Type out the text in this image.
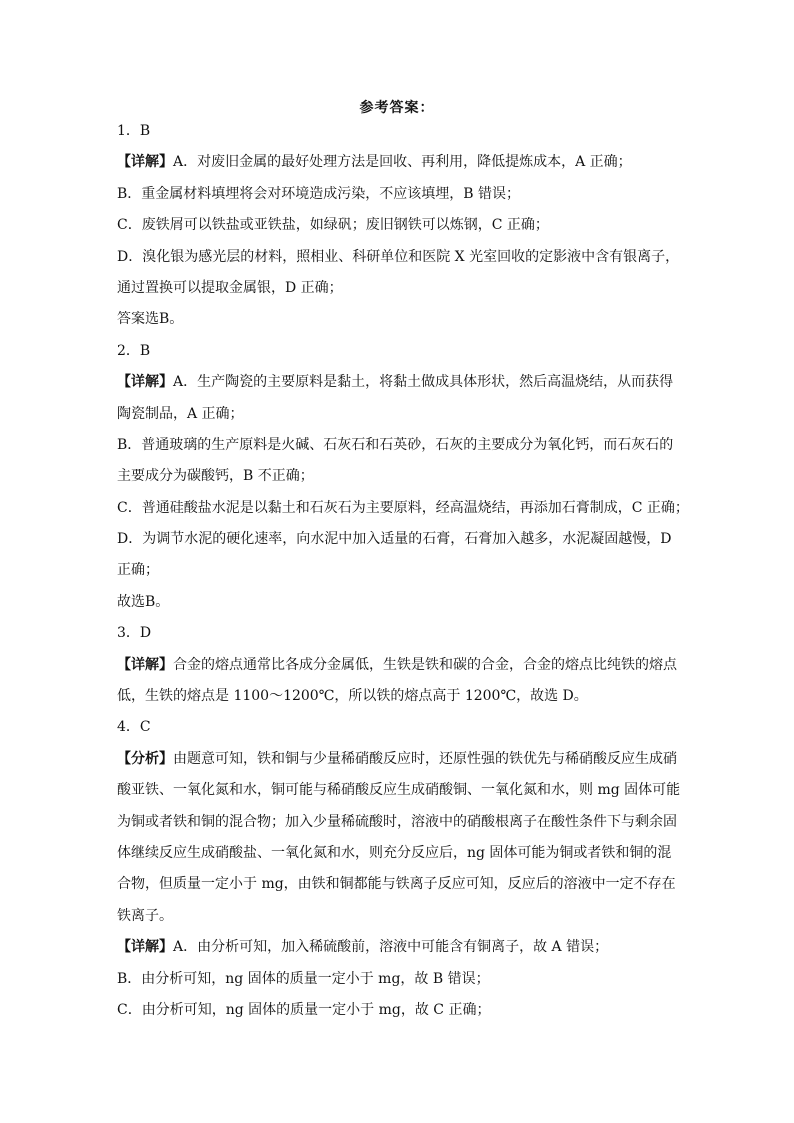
参考答案：
1．B
【详解】A．对废旧金属的最好处理方法是回收、再利用，降低提炼成本，A 正确；
B．重金属材料填埋将会对环境造成污染，不应该填埋，B 错误；
C．废铁屑可以铁盐或亚铁盐，如绿矾；废旧钢铁可以炼钢，C 正确；
D．溴化银为感光层的材料，照相业、科研单位和医院 X 光室回收的定影液中含有银离子，
通过置换可以提取金属银，D 正确；
答案选B。
2．B
【详解】A．生产陶瓷的主要原料是黏土，将黏土做成具体形状，然后高温烧结，从而获得
陶瓷制品，A 正确；
B．普通玻璃的生产原料是火碱、石灰石和石英砂，石灰的主要成分为氧化钙，而石灰石的
主要成分为碳酸钙，B 不正确；
C．普通硅酸盐水泥是以黏土和石灰石为主要原料，经高温烧结，再添加石膏制成，C 正确；
D．为调节水泥的硬化速率，向水泥中加入适量的石膏，石膏加入越多，水泥凝固越慢，D
正确；
故选B。
3．D
【详解】合金的熔点通常比各成分金属低，生铁是铁和碳的合金，合金的熔点比纯铁的熔点
低，生铁的熔点是 1100～1200℃，所以铁的熔点高于 1200℃，故选 D。
4．C
【分析】由题意可知，铁和铜与少量稀硝酸反应时，还原性强的铁优先与稀硝酸反应生成硝
酸亚铁、一氧化氮和水，铜可能与稀硝酸反应生成硝酸铜、一氧化氮和水，则 mg 固体可能
为铜或者铁和铜的混合物；加入少量稀硫酸时，溶液中的硝酸根离子在酸性条件下与剩余固
体继续反应生成硝酸盐、一氧化氮和水，则充分反应后，ng 固体可能为铜或者铁和铜的混
合物，但质量一定小于 mg，由铁和铜都能与铁离子反应可知，反应后的溶液中一定不存在
铁离子。
【详解】A．由分析可知，加入稀硫酸前，溶液中可能含有铜离子，故 A 错误；
B．由分析可知，ng 固体的质量一定小于 mg，故 B 错误；
C．由分析可知，ng 固体的质量一定小于 mg，故 C 正确；
